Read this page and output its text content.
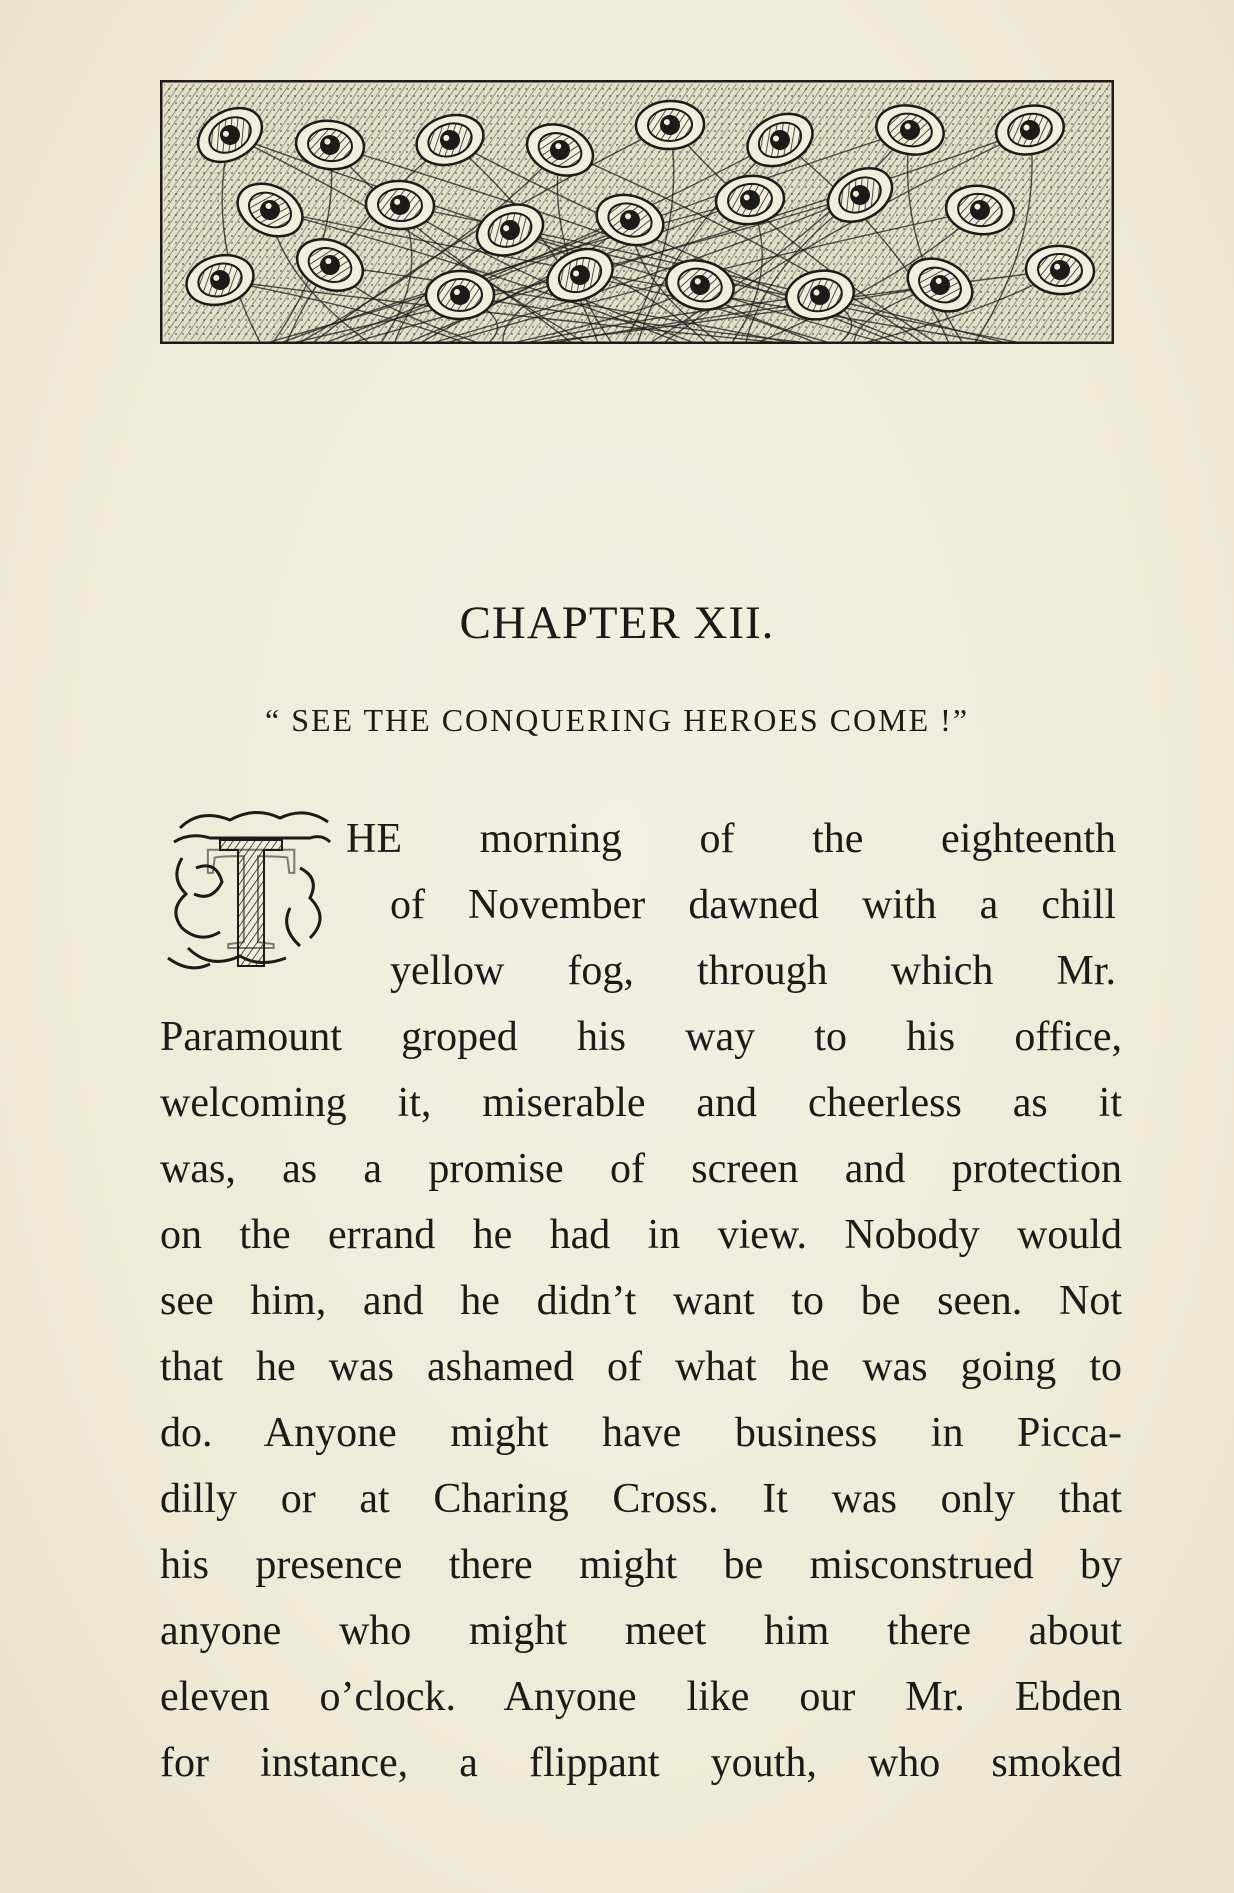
CHAPTER XII.

“ SEE THE CONQUERING HEROES COME !”

T HE morning of the eighteenth

of November dawned with a chill

yellow fog, through which Mr.

Paramount groped his way to his office,

welcoming it, miserable and cheerless as it

was, as a promise of screen and protection

on the errand he had in view. Nobody would

see him, and he didn’t want to be seen. Not

that he was ashamed of what he was going to

do. Anyone might have business in Picca-

dilly or at Charing Cross. It was only that

his presence there might be misconstrued by

anyone who might meet him there about

eleven o’clock. Anyone like our Mr. Ebden

for instance, a flippant youth, who smoked
